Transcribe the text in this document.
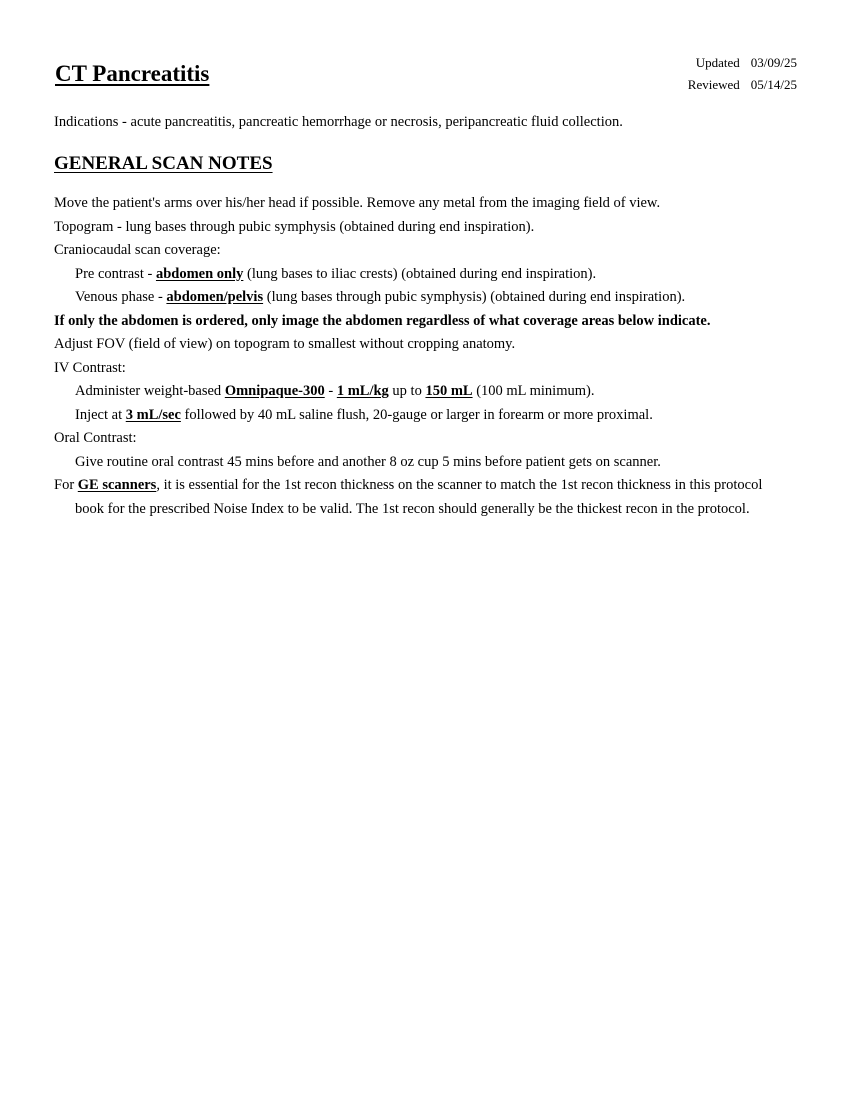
CT Pancreatitis	Updated 03/09/25
Reviewed 05/14/25
Indications - acute pancreatitis, pancreatic hemorrhage or necrosis, peripancreatic fluid collection.
GENERAL SCAN NOTES
Move the patient's arms over his/her head if possible. Remove any metal from the imaging field of view.
Topogram - lung bases through pubic symphysis (obtained during end inspiration).
Craniocaudal scan coverage:
Pre contrast - abdomen only (lung bases to iliac crests) (obtained during end inspiration).
Venous phase - abdomen/pelvis (lung bases through pubic symphysis) (obtained during end inspiration).
If only the abdomen is ordered, only image the abdomen regardless of what coverage areas below indicate.
Adjust FOV (field of view) on topogram to smallest without cropping anatomy.
IV Contrast:
Administer weight-based Omnipaque-300 - 1 mL/kg up to 150 mL (100 mL minimum).
Inject at 3 mL/sec followed by 40 mL saline flush, 20-gauge or larger in forearm or more proximal.
Oral Contrast:
Give routine oral contrast 45 mins before and another 8 oz cup 5 mins before patient gets on scanner.
For GE scanners, it is essential for the 1st recon thickness on the scanner to match the 1st recon thickness in this protocol book for the prescribed Noise Index to be valid. The 1st recon should generally be the thickest recon in the protocol.
